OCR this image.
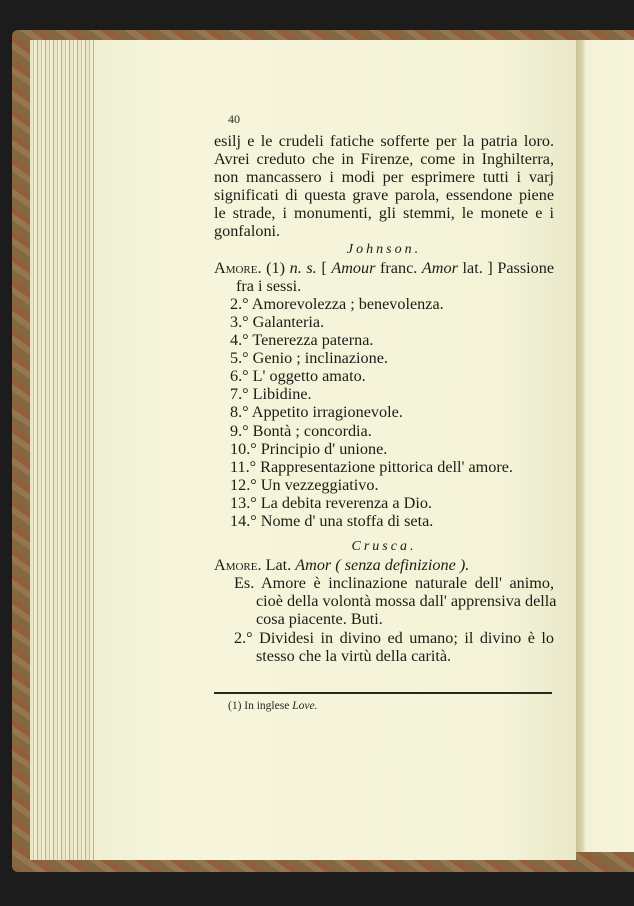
40
esilj e le crudeli fatiche sofferte per la patria loro.
Avrei creduto che in Firenze, come in Inghilterra,
non mancassero i modi per esprimere tutti i varj
significati di questa grave parola, essendone piene
le strade, i monumenti, gli stemmi, le monete e i
gonfaloni.
Johnson.
Amore. (1) n. s. [ Amour franc. Amor lat. ] Passione
fra i sessi.
2.° Amorevolezza ; benevolenza.
3.° Galanteria.
4.° Tenerezza paterna.
5.° Genio ; inclinazione.
6.° L' oggetto amato.
7.° Libidine.
8.° Appetito irragionevole.
9.° Bontà ; concordia.
10.° Principio d' unione.
11.° Rappresentazione pittorica dell' amore.
12.° Un vezzeggiativo.
13.° La debita reverenza a Dio.
14.° Nome d' una stoffa di seta.
Crusca.
Amore. Lat. Amor ( senza definizione ).
Es. Amore è inclinazione naturale dell' animo,
cioè della volontà mossa dall' apprensiva della
cosa piacente. Buti.
2.° Dividesi in divino ed umano; il divino è lo
stesso che la virtù della carità.
(1) In inglese Love.
